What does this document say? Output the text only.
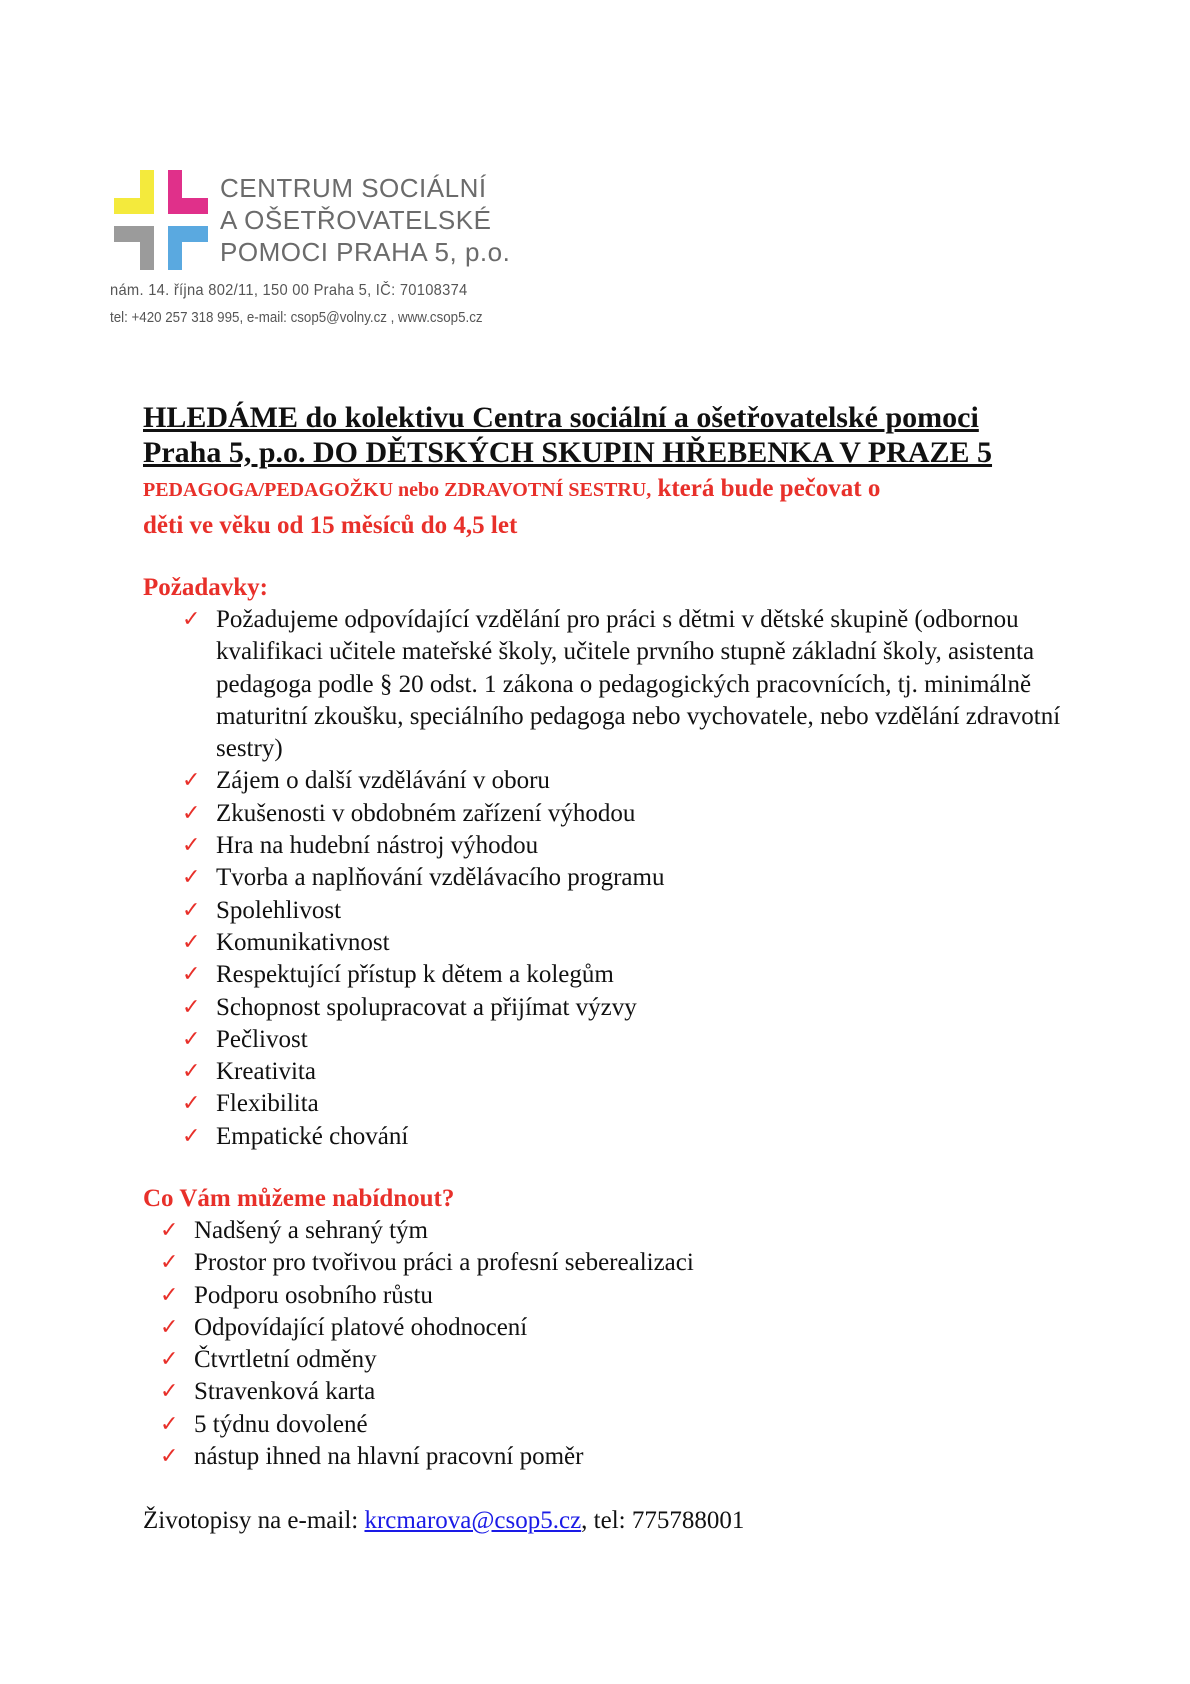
CENTRUM SOCIÁLNÍ
A OŠETŘOVATELSKÉ
POMOCI PRAHA 5, p.o.
nám. 14. října 802/11, 150 00 Praha 5, IČ: 70108374
tel: +420 257 318 995, e-mail: csop5@volny.cz , www.csop5.cz
HLEDÁME do kolektivu Centra sociální a ošetřovatelské pomoci
Praha 5, p.o. DO DĚTSKÝCH SKUPIN HŘEBENKA V PRAZE 5
PEDAGOGA/PEDAGOŽKU nebo ZDRAVOTNÍ SESTRU, která bude pečovat o
děti ve věku od 15 měsíců do 4,5 let
Požadavky:
✓ Požadujeme odpovídající vzdělání pro práci s dětmi v dětské skupině (odbornou kvalifikaci učitele mateřské školy, učitele prvního stupně základní školy, asistenta pedagoga podle § 20 odst. 1 zákona o pedagogických pracovnících, tj. minimálně maturitní zkoušku, speciálního pedagoga nebo vychovatele, nebo vzdělání zdravotní sestry)
✓ Zájem o další vzdělávání v oboru
✓ Zkušenosti v obdobném zařízení výhodou
✓ Hra na hudební nástroj výhodou
✓ Tvorba a naplňování vzdělávacího programu
✓ Spolehlivost
✓ Komunikativnost
✓ Respektující přístup k dětem a kolegům
✓ Schopnost spolupracovat a přijímat výzvy
✓ Pečlivost
✓ Kreativita
✓ Flexibilita
✓ Empatické chování
Co Vám můžeme nabídnout?
✓ Nadšený a sehraný tým
✓ Prostor pro tvořivou práci a profesní seberealizaci
✓ Podporu osobního růstu
✓ Odpovídající platové ohodnocení
✓ Čtvrtletní odměny
✓ Stravenková karta
✓ 5 týdnu dovolené
✓ nástup ihned na hlavní pracovní poměr
Životopisy na e-mail: krcmarova@csop5.cz, tel: 775788001
